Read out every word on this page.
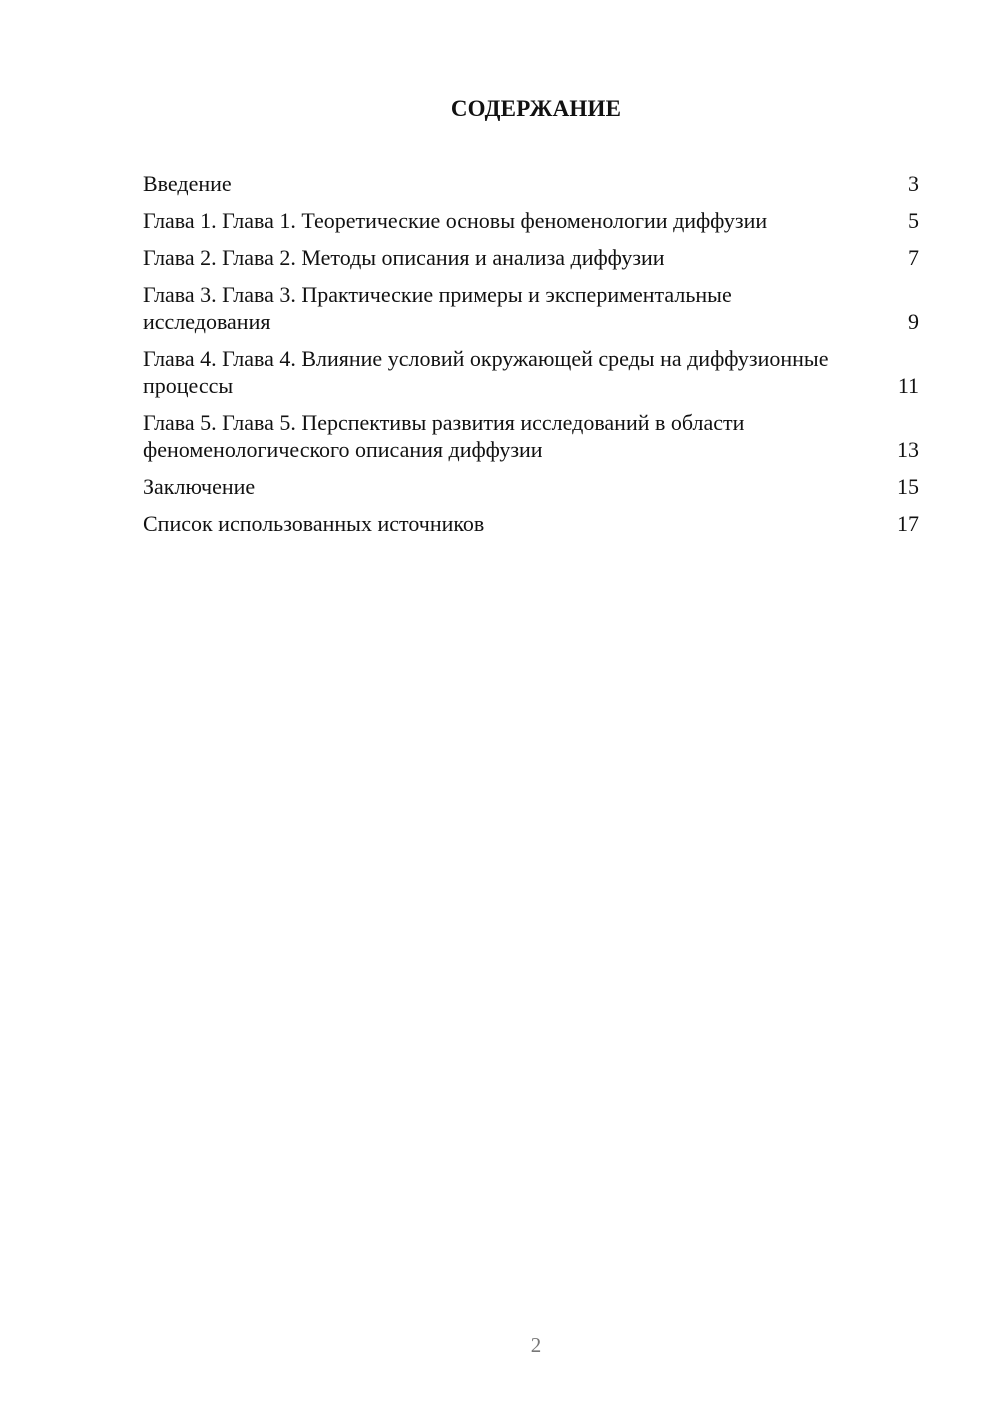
СОДЕРЖАНИЕ
Введение	3
Глава 1. Глава 1. Теоретические основы феноменологии диффузии	5
Глава 2. Глава 2. Методы описания и анализа диффузии	7
Глава 3. Глава 3. Практические примеры и экспериментальные исследования	9
Глава 4. Глава 4. Влияние условий окружающей среды на диффузионные процессы	11
Глава 5. Глава 5. Перспективы развития исследований в области феноменологического описания диффузии	13
Заключение	15
Список использованных источников	17
2
